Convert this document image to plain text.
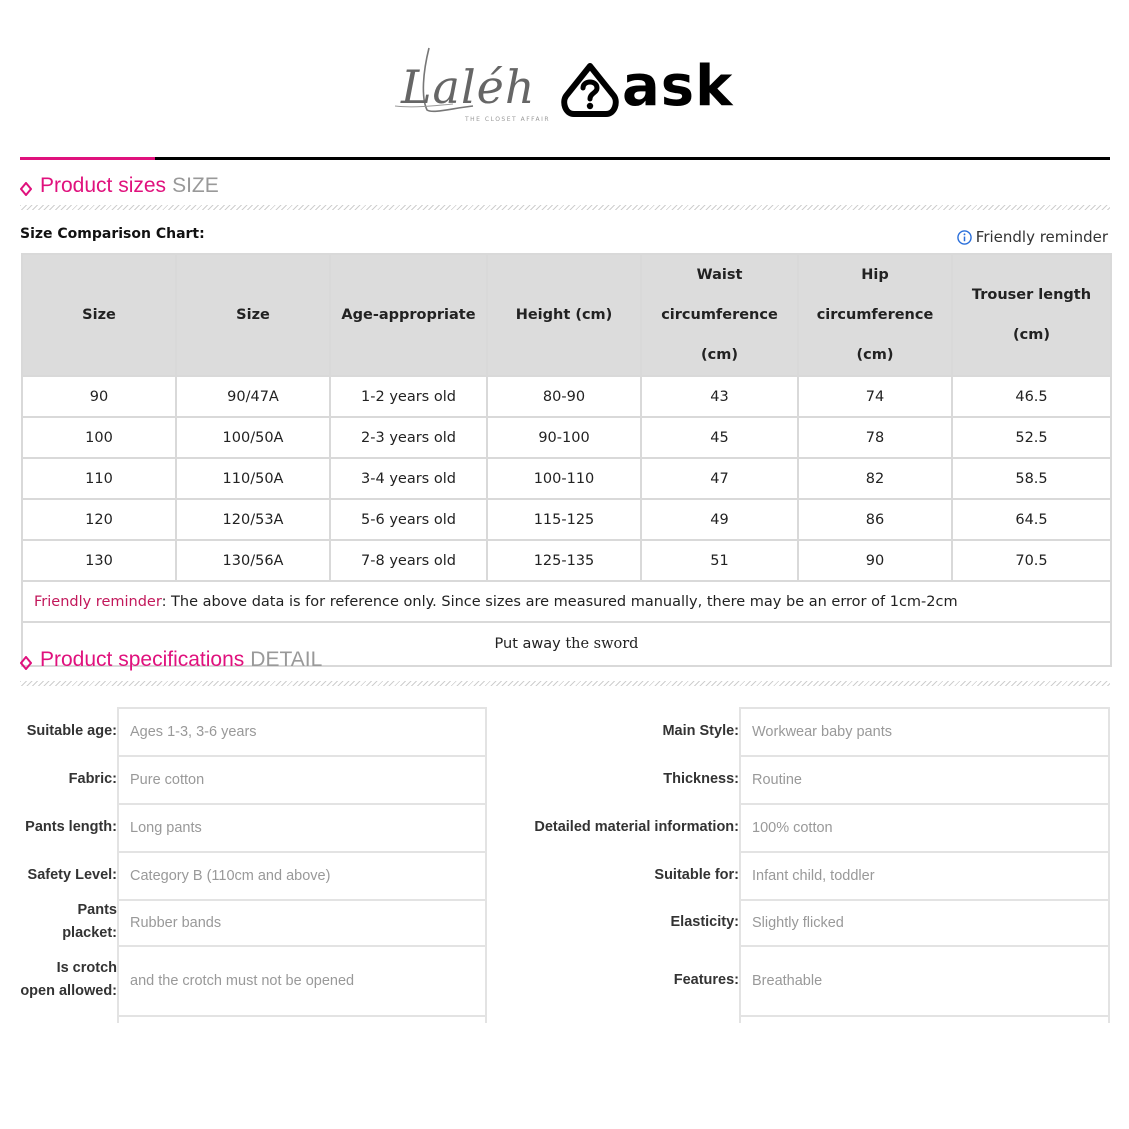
Laléh
THE CLOSET AFFAIR
ask
Product sizes SIZE
Size Comparison Chart:	Friendly reminder
Size	Size	Age-appropriate	Height (cm)	Waist circumference (cm)	Hip circumference (cm)	Trouser length (cm)
90	90/47A	1-2 years old	80-90	43	74	46.5
100	100/50A	2-3 years old	90-100	45	78	52.5
110	110/50A	3-4 years old	100-110	47	82	58.5
120	120/53A	5-6 years old	115-125	49	86	64.5
130	130/56A	7-8 years old	125-135	51	90	70.5
Friendly reminder: The above data is for reference only. Since sizes are measured manually, there may be an error of 1cm-2cm						
Put away the sword						
Product specifications DETAIL
Suitable age: Ages 1-3, 3-6 years
Fabric: Pure cotton
Pants length: Long pants
Safety Level: Category B (110cm and above)
Pants placket:
Rubber bands
Is crotch open allowed:
and the crotch must not be opened
Main Style: Workwear baby pants
Thickness: Routine
Detailed material information: 100% cotton
Suitable for: Infant child, toddler
Elasticity: Slightly flicked
Features: Breathable
